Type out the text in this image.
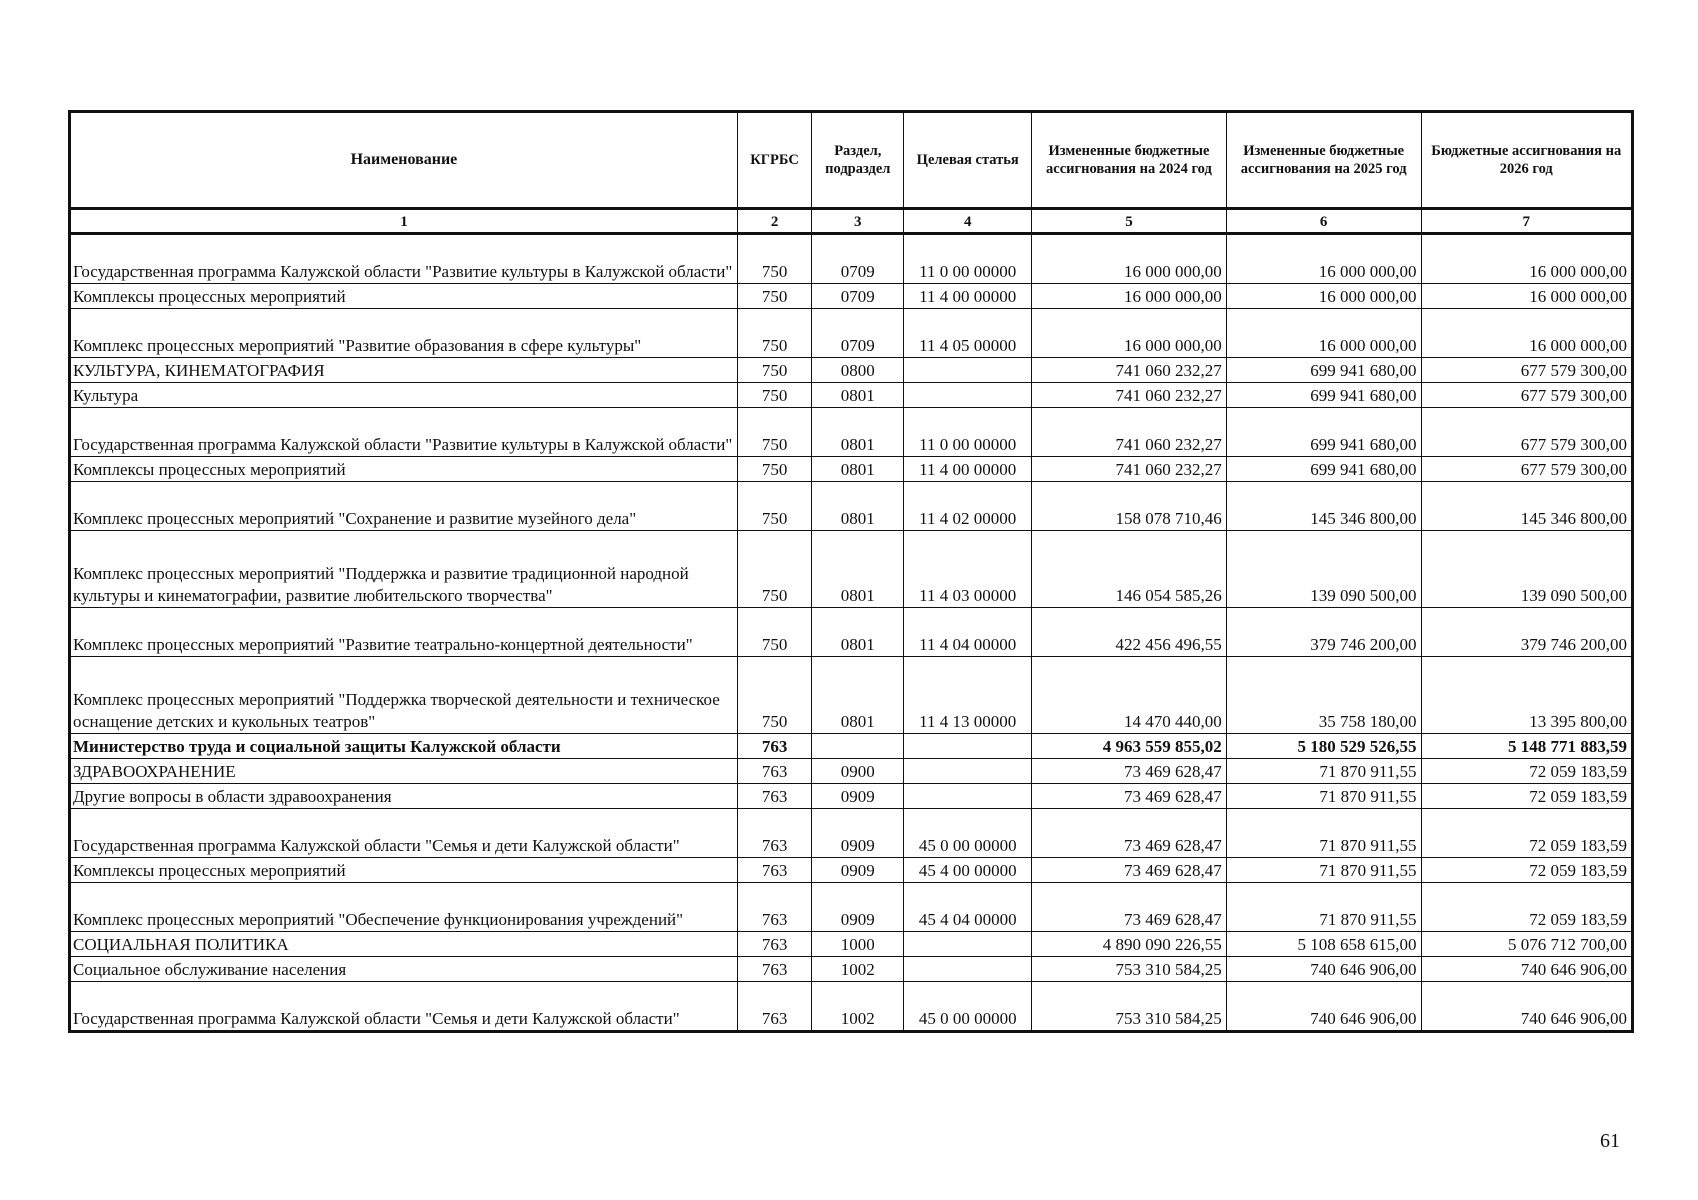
Наименование	КГРБС	Раздел, подраздел	Целевая статья	Измененные бюджетные ассигнования на 2024 год	Измененные бюджетные ассигнования на 2025 год	Бюджетные ассигнования на 2026 год
1	2	3	4	5	6	7
Государственная программа Калужской области "Развитие культуры в Калужской области"	750	0709	11 0 00 00000	16 000 000,00	16 000 000,00	16 000 000,00
Комплексы процессных мероприятий	750	0709	11 4 00 00000	16 000 000,00	16 000 000,00	16 000 000,00
Комплекс процессных мероприятий "Развитие образования в сфере культуры"	750	0709	11 4 05 00000	16 000 000,00	16 000 000,00	16 000 000,00
КУЛЬТУРА, КИНЕМАТОГРАФИЯ	750	0800		741 060 232,27	699 941 680,00	677 579 300,00
Культура	750	0801		741 060 232,27	699 941 680,00	677 579 300,00
Государственная программа Калужской области "Развитие культуры в Калужской области"	750	0801	11 0 00 00000	741 060 232,27	699 941 680,00	677 579 300,00
Комплексы процессных мероприятий	750	0801	11 4 00 00000	741 060 232,27	699 941 680,00	677 579 300,00
Комплекс процессных мероприятий "Сохранение и развитие музейного дела"	750	0801	11 4 02 00000	158 078 710,46	145 346 800,00	145 346 800,00
Комплекс процессных мероприятий "Поддержка и развитие традиционной народной культуры и кинематографии, развитие любительского творчества"	750	0801	11 4 03 00000	146 054 585,26	139 090 500,00	139 090 500,00
Комплекс процессных мероприятий "Развитие театрально-концертной деятельности"	750	0801	11 4 04 00000	422 456 496,55	379 746 200,00	379 746 200,00
Комплекс процессных мероприятий "Поддержка творческой деятельности и техническое оснащение детских и кукольных театров"	750	0801	11 4 13 00000	14 470 440,00	35 758 180,00	13 395 800,00
Министерство труда и социальной защиты Калужской области	763			4 963 559 855,02	5 180 529 526,55	5 148 771 883,59
ЗДРАВООХРАНЕНИЕ	763	0900		73 469 628,47	71 870 911,55	72 059 183,59
Другие вопросы в области здравоохранения	763	0909		73 469 628,47	71 870 911,55	72 059 183,59
Государственная программа Калужской области "Семья и дети Калужской области"	763	0909	45 0 00 00000	73 469 628,47	71 870 911,55	72 059 183,59
Комплексы процессных мероприятий	763	0909	45 4 00 00000	73 469 628,47	71 870 911,55	72 059 183,59
Комплекс процессных мероприятий "Обеспечение функционирования учреждений"	763	0909	45 4 04 00000	73 469 628,47	71 870 911,55	72 059 183,59
СОЦИАЛЬНАЯ ПОЛИТИКА	763	1000		4 890 090 226,55	5 108 658 615,00	5 076 712 700,00
Социальное обслуживание населения	763	1002		753 310 584,25	740 646 906,00	740 646 906,00
Государственная программа Калужской области "Семья и дети Калужской области"	763	1002	45 0 00 00000	753 310 584,25	740 646 906,00	740 646 906,00
61
